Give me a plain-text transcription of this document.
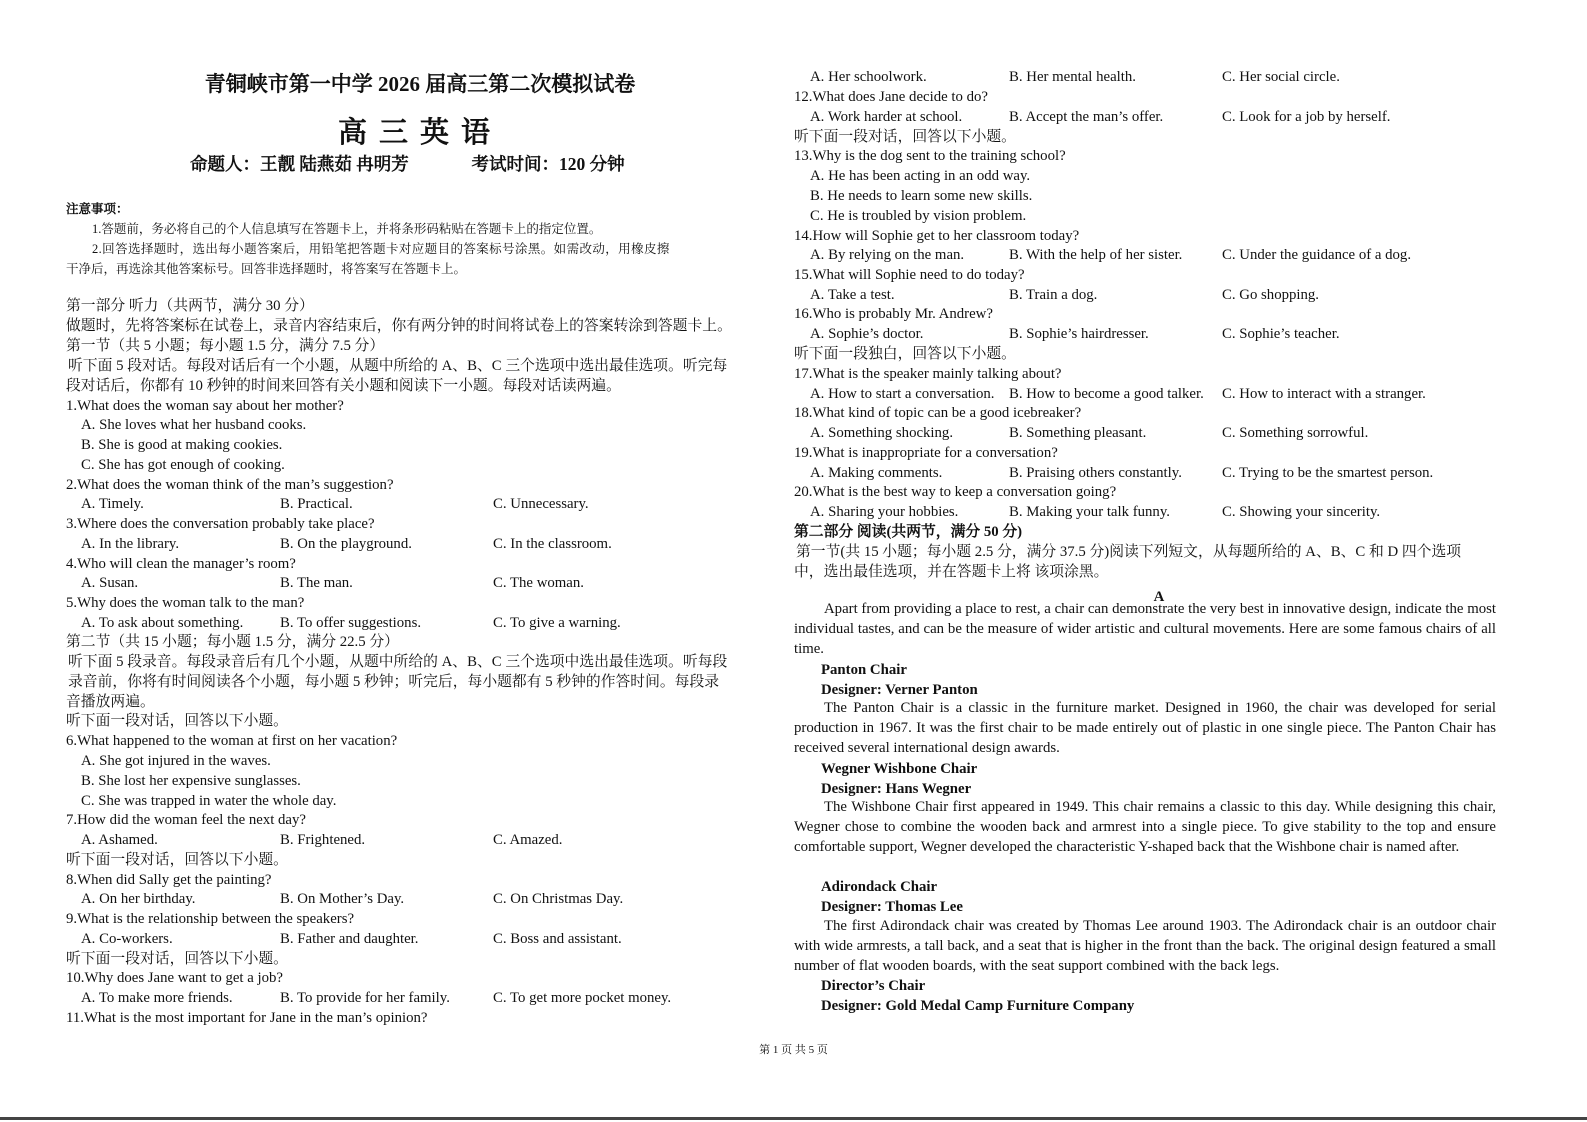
青铜峡市第一中学 2026 届高三第二次模拟试卷
高三英语
命题人：王靓 陆燕茹 冉明芳	考试时间：120 分钟
注意事项：
1.答题前，务必将自己的个人信息填写在答题卡上，并将条形码粘贴在答题卡上的指定位置。
2.回答选择题时，选出每小题答案后，用铅笔把答题卡对应题目的答案标号涂黑。如需改动，用橡皮擦
干净后，再选涂其他答案标号。回答非选择题时，将答案写在答题卡上。
第一部分 听力（共两节，满分 30 分）
做题时，先将答案标在试卷上，录音内容结束后，你有两分钟的时间将试卷上的答案转涂到答题卡上。
第一节（共 5 小题；每小题 1.5 分，满分 7.5 分）
听下面 5 段对话。每段对话后有一个小题，从题中所给的 A、B、C 三个选项中选出最佳选项。听完每
段对话后，你都有 10 秒钟的时间来回答有关小题和阅读下一小题。每段对话读两遍。
1.What does the woman say about her mother?
A. She loves what her husband cooks.
B. She is good at making cookies.
C. She has got enough of cooking.
2.What does the woman think of the man’s suggestion?
A. Timely.	B. Practical.	C. Unnecessary.
3.Where does the conversation probably take place?
A. In the library.	B. On the playground.	C. In the classroom.
4.Who will clean the manager’s room?
A. Susan.	B. The man.	C. The woman.
5.Why does the woman talk to the man?
A. To ask about something. B. To offer suggestions.	C. To give a warning.
第二节（共 15 小题；每小题 1.5 分，满分 22.5 分）
听下面 5 段录音。每段录音后有几个小题，从题中所给的 A、B、C 三个选项中选出最佳选项。听每段
录音前，你将有时间阅读各个小题，每小题 5 秒钟；听完后，每小题都有 5 秒钟的作答时间。每段录
音播放两遍。
听下面一段对话，回答以下小题。
6.What happened to the woman at first on her vacation?
A. She got injured in the waves.
B. She lost her expensive sunglasses.
C. She was trapped in water the whole day.
7.How did the woman feel the next day?
A. Ashamed.	B. Frightened.	C. Amazed.
听下面一段对话，回答以下小题。
8.When did Sally get the painting?
A. On her birthday.	B. On Mother’s Day.	C. On Christmas Day.
9.What is the relationship between the speakers?
A. Co-workers.	B. Father and daughter.	C. Boss and assistant.
听下面一段对话，回答以下小题。
10.Why does Jane want to get a job?
A. To make more friends.	B. To provide for her family.	C. To get more pocket money.
11.What is the most important for Jane in the man’s opinion?
A. Her schoolwork.	B. Her mental health.	C. Her social circle.
12.What does Jane decide to do?
A. Work harder at school.	B. Accept the man’s offer.	C. Look for a job by herself.
听下面一段对话，回答以下小题。
13.Why is the dog sent to the training school?
A. He has been acting in an odd way.
B. He needs to learn some new skills.
C. He is troubled by vision problem.
14.How will Sophie get to her classroom today?
A. By relying on the man.	B. With the help of her sister.	C. Under the guidance of a dog.
15.What will Sophie need to do today?
A. Take a test.	B. Train a dog.	C. Go shopping.
16.Who is probably Mr. Andrew?
A. Sophie’s doctor.	B. Sophie’s hairdresser.	C. Sophie’s teacher.
听下面一段独白，回答以下小题。
17.What is the speaker mainly talking about?
A. How to start a conversation. B. How to become a good talker. C. How to interact with a stranger.
18.What kind of topic can be a good icebreaker?
A. Something shocking.	B. Something pleasant.	C. Something sorrowful.
19.What is inappropriate for a conversation?
A. Making comments.	B. Praising others constantly.	C. Trying to be the smartest person.
20.What is the best way to keep a conversation going?
A. Sharing your hobbies.	B. Making your talk funny.	C. Showing your sincerity.
第二部分 阅读(共两节，满分 50 分)
第一节(共 15 小题；每小题 2.5 分，满分 37.5 分)阅读下列短文，从每题所给的 A、B、C 和 D 四个选项
中，选出最佳选项，并在答题卡上将 该项涂黑。
A
Apart from providing a place to rest, a chair can demonstrate the very best in innovative design, indicate the most individual tastes, and can be the measure of wider artistic and cultural movements. Here are some famous chairs of all time.
Panton Chair
Designer: Verner Panton
The Panton Chair is a classic in the furniture market. Designed in 1960, the chair was developed for serial production in 1967. It was the first chair to be made entirely out of plastic in one single piece. The Panton Chair has received several international design awards.
Wegner Wishbone Chair
Designer: Hans Wegner
The Wishbone Chair first appeared in 1949. This chair remains a classic to this day. While designing this chair, Wegner chose to combine the wooden back and armrest into a single piece. To give stability to the top and ensure comfortable support, Wegner developed the characteristic Y-shaped back that the Wishbone chair is named after.
Adirondack Chair
Designer: Thomas Lee
The first Adirondack chair was created by Thomas Lee around 1903. The Adirondack chair is an outdoor chair with wide armrests, a tall back, and a seat that is higher in the front than the back. The original design featured a small number of flat wooden boards, with the seat support combined with the back legs.
Director’s Chair
Designer: Gold Medal Camp Furniture Company
第 1 页 共 5 页
